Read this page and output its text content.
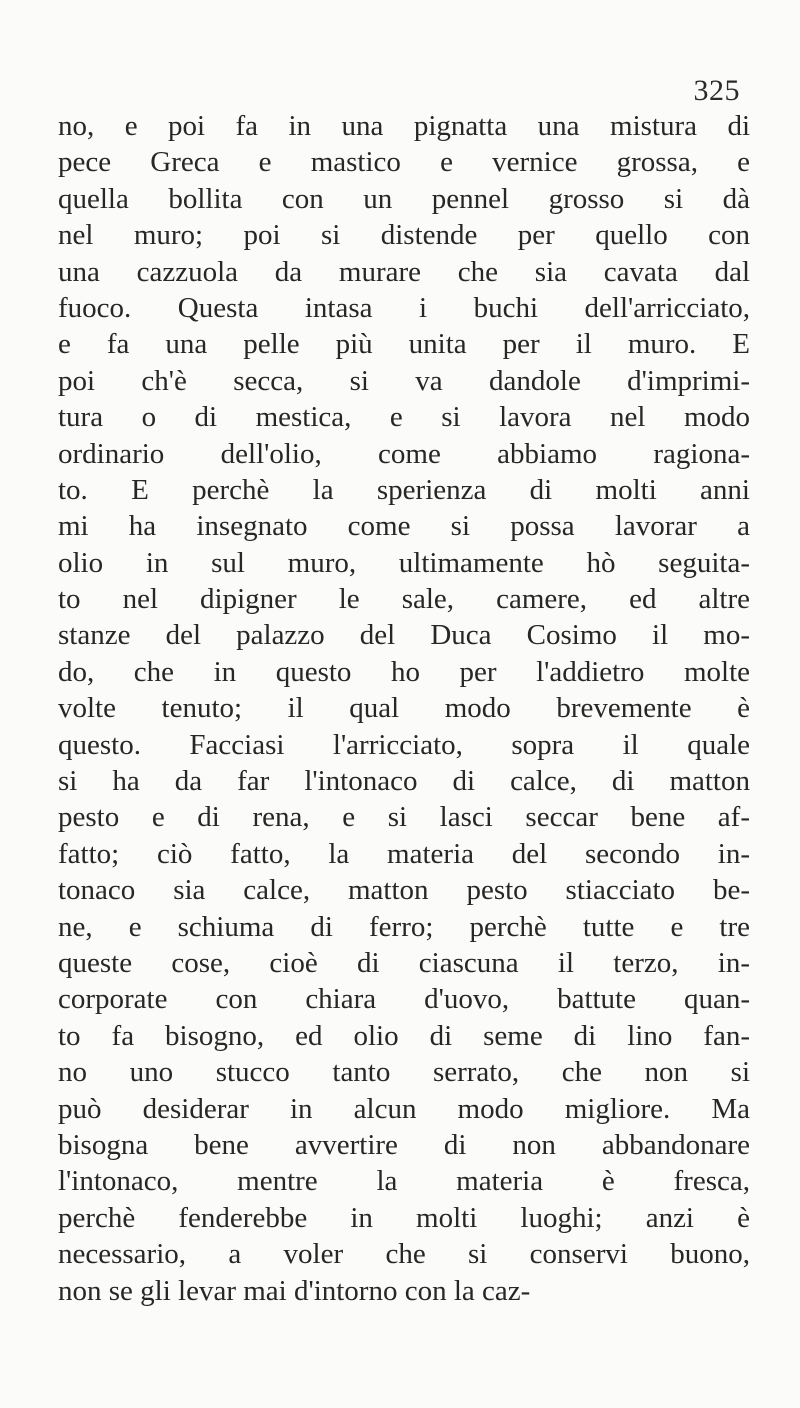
325
no, e poi fa in una pignatta una mistura di
pece Greca e mastico e vernice grossa, e
quella bollita con un pennel grosso si dà
nel muro; poi si distende per quello con
una cazzuola da murare che sia cavata dal
fuoco. Questa intasa i buchi dell'arricciato,
e fa una pelle più unita per il muro. E
poi ch'è secca, si va dandole d'imprimi-
tura o di mestica, e si lavora nel modo
ordinario dell'olio, come abbiamo ragiona-
to. E perchè la sperienza di molti anni
mi ha insegnato come si possa lavorar a
olio in sul muro, ultimamente hò seguita-
to nel dipigner le sale, camere, ed altre
stanze del palazzo del Duca Cosimo il mo-
do, che in questo ho per l'addietro molte
volte tenuto; il qual modo brevemente è
questo. Facciasi l'arricciato, sopra il quale
si ha da far l'intonaco di calce, di matton
pesto e di rena, e si lasci seccar bene af-
fatto; ciò fatto, la materia del secondo in-
tonaco sia calce, matton pesto stiacciato be-
ne, e schiuma di ferro; perchè tutte e tre
queste cose, cioè di ciascuna il terzo, in-
corporate con chiara d'uovo, battute quan-
to fa bisogno, ed olio di seme di lino fan-
no uno stucco tanto serrato, che non si
può desiderar in alcun modo migliore. Ma
bisogna bene avvertire di non abbandonare
l'intonaco, mentre la materia è fresca,
perchè fenderebbe in molti luoghi; anzi è
necessario, a voler che si conservi buono,
non se gli levar mai d'intorno con la caz-
